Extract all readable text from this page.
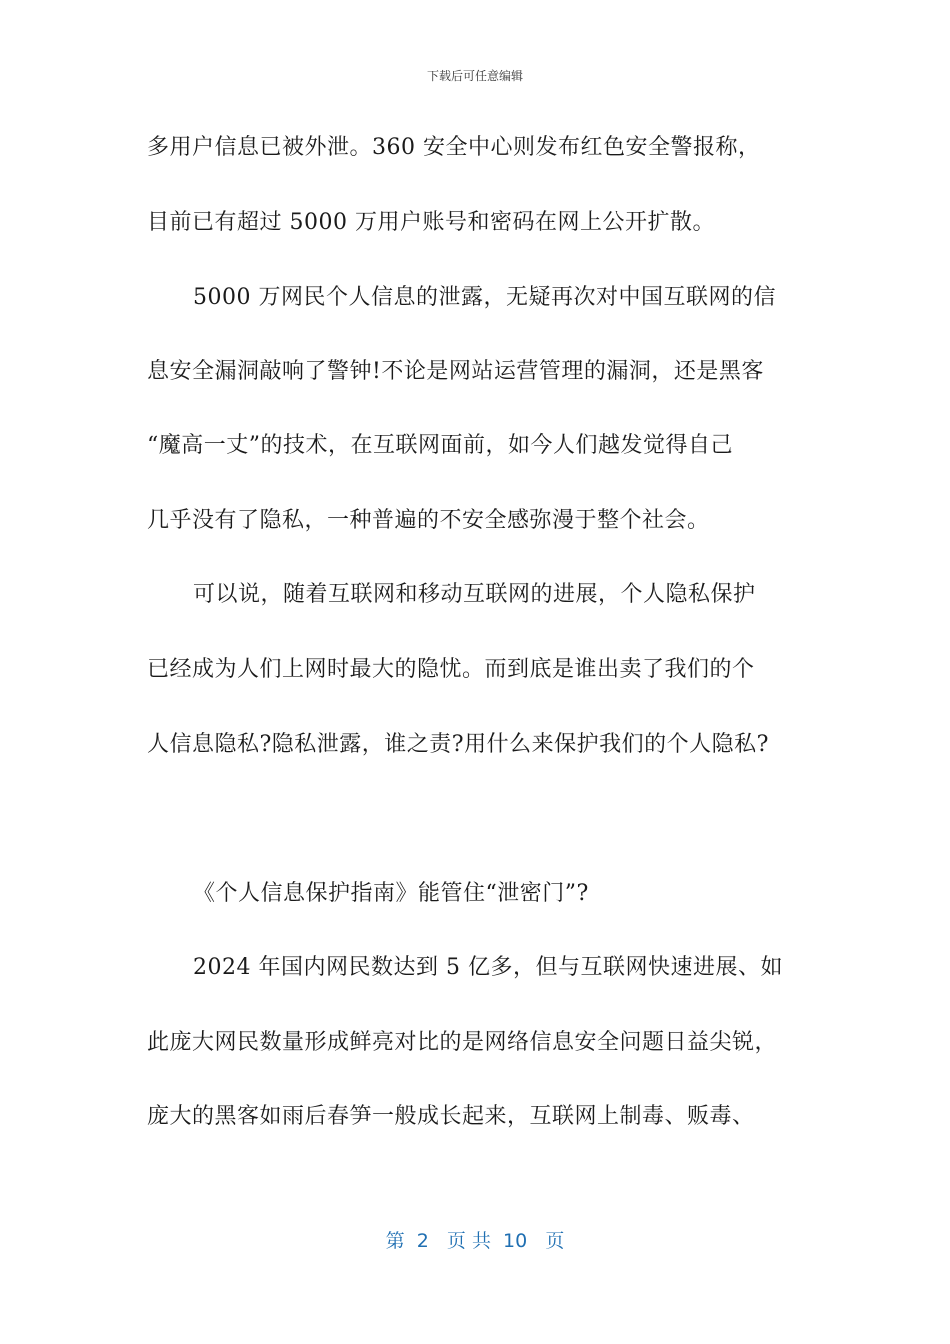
下载后可任意编辑
多用户信息已被外泄。360 安全中心则发布红色安全警报称，
目前已有超过 5000 万用户账号和密码在网上公开扩散。
5000 万网民个人信息的泄露，无疑再次对中国互联网的信
息安全漏洞敲响了警钟!不论是网站运营管理的漏洞，还是黑客
“魔高一丈”的技术，在互联网面前，如今人们越发觉得自己
几乎没有了隐私，一种普遍的不安全感弥漫于整个社会。
可以说，随着互联网和移动互联网的进展，个人隐私保护
已经成为人们上网时最大的隐忧。而到底是谁出卖了我们的个
人信息隐私?隐私泄露，谁之责?用什么来保护我们的个人隐私?
《个人信息保护指南》能管住“泄密门”?
2024 年国内网民数达到 5 亿多，但与互联网快速进展、如
此庞大网民数量形成鲜亮对比的是网络信息安全问题日益尖锐，
庞大的黑客如雨后春笋一般成长起来，互联网上制毒、贩毒、
第  2   页 共  10   页
